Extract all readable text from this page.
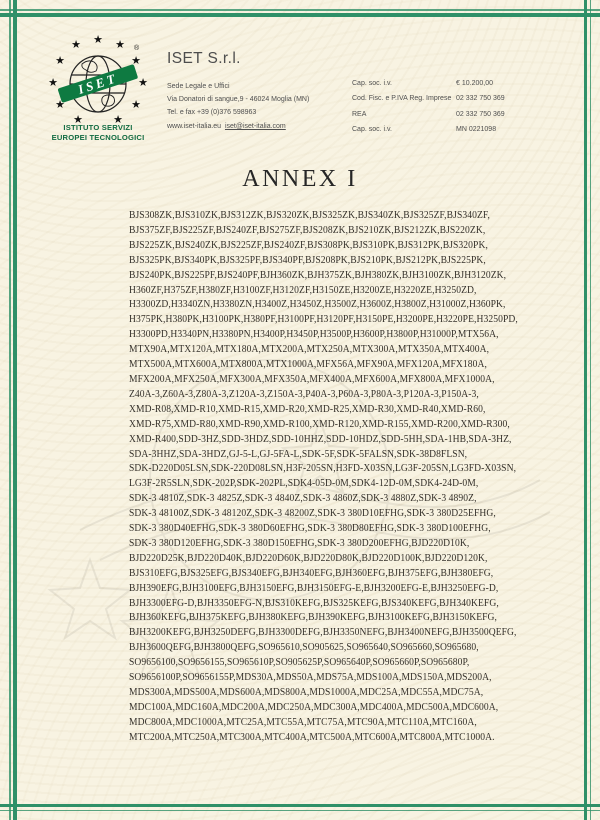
ISET
★
★	★
★	★
★	★
★	★
★	★
®
ISTITUTO SERVIZI
EUROPEI TECNOLOGICI
ISET S.r.l.
Sede Legale e Uffici
Via Donatori di sangue,9 - 46024 Moglia (MN)
Tel. e fax +39 (0)376 598963
www.iset-italia.eu iset@iset-italia.com
Cap. soc. i.v.	€ 10.200,00
Cod. Fisc. e P.IVA Reg. Imprese 02 332 750 369
REA	02 332 750 369
Cap. soc. i.v.	MN 0221098
ANNEX I
BJS308ZK,BJS310ZK,BJS312ZK,BJS320ZK,BJS325ZK,BJS340ZK,BJS325ZF,BJS340ZF,
BJS375ZF,BJS225ZF,BJS240ZF,BJS275ZF,BJS208ZK,BJS210ZK,BJS212ZK,BJS220ZK,
BJS225ZK,BJS240ZK,BJS225ZF,BJS240ZF,BJS308PK,BJS310PK,BJS312PK,BJS320PK,
BJS325PK,BJS340PK,BJS325PF,BJS340PF,BJS208PK,BJS210PK,BJS212PK,BJS225PK,
BJS240PK,BJS225PF,BJS240PF,BJH360ZK,BJH375ZK,BJH380ZK,BJH3100ZK,BJH3120ZK,
H360ZF,H375ZF,H380ZF,H3100ZF,H3120ZF,H3150ZE,H3200ZE,H3220ZE,H3250ZD,
H3300ZD,H3340ZN,H3380ZN,H3400Z,H3450Z,H3500Z,H3600Z,H3800Z,H31000Z,H360PK,
H375PK,H380PK,H3100PK,H380PF,H3100PF,H3120PF,H3150PE,H3200PE,H3220PE,H3250PD,
H3300PD,H3340PN,H3380PN,H3400P,H3450P,H3500P,H3600P,H3800P,H31000P,MTX56A,
MTX90A,MTX120A,MTX180A,MTX200A,MTX250A,MTX300A,MTX350A,MTX400A,
MTX500A,MTX600A,MTX800A,MTX1000A,MFX56A,MFX90A,MFX120A,MFX180A,
MFX200A,MFX250A,MFX300A,MFX350A,MFX400A,MFX600A,MFX800A,MFX1000A,
Z40A-3,Z60A-3,Z80A-3,Z120A-3,Z150A-3,P40A-3,P60A-3,P80A-3,P120A-3,P150A-3,
XMD-R08,XMD-R10,XMD-R15,XMD-R20,XMD-R25,XMD-R30,XMD-R40,XMD-R60,
XMD-R75,XMD-R80,XMD-R90,XMD-R100,XMD-R120,XMD-R155,XMD-R200,XMD-R300,
XMD-R400,SDD-3HZ,SDD-3HDZ,SDD-10HHZ,SDD-10HDZ,SDD-5HH,SDA-1HB,SDA-3HZ,
SDA-3HHZ,SDA-3HDZ,GJ-5-L,GJ-5FA-L,SDK-5F,SDK-5FALSN,SDK-38D8FLSN,
SDK-D220D05LSN,SDK-220D08LSN,H3F-205SN,H3FD-X03SN,LG3F-205SN,LG3FD-X03SN,
LG3F-2R5SLN,SDK-202P,SDK-202PL,SDK4-05D-0M,SDK4-12D-0M,SDK4-24D-0M,
SDK-3 4810Z,SDK-3 4825Z,SDK-3 4840Z,SDK-3 4860Z,SDK-3 4880Z,SDK-3 4890Z,
SDK-3 48100Z,SDK-3 48120Z,SDK-3 48200Z,SDK-3 380D10EFHG,SDK-3 380D25EFHG,
SDK-3 380D40EFHG,SDK-3 380D60EFHG,SDK-3 380D80EFHG,SDK-3 380D100EFHG,
SDK-3 380D120EFHG,SDK-3 380D150EFHG,SDK-3 380D200EFHG,BJD220D10K,
BJD220D25K,BJD220D40K,BJD220D60K,BJD220D80K,BJD220D100K,BJD220D120K,
BJS310EFG,BJS325EFG,BJS340EFG,BJH340EFG,BJH360EFG,BJH375EFG,BJH380EFG,
BJH390EFG,BJH3100EFG,BJH3150EFG,BJH3150EFG-E,BJH3200EFG-E,BJH3250EFG-D,
BJH3300EFG-D,BJH3350EFG-N,BJS310KEFG,BJS325KEFG,BJS340KEFG,BJH340KEFG,
BJH360KEFG,BJH375KEFG,BJH380KEFG,BJH390KEFG,BJH3100KEFG,BJH3150KEFG,
BJH3200KEFG,BJH3250DEFG,BJH3300DEFG,BJH3350NEFG,BJH3400NEFG,BJH3500QEFG,
BJH3600QEFG,BJH3800QEFG,SO965610,SO905625,SO965640,SO965660,SO965680,
SO9656100,SO9656155,SO965610P,SO905625P,SO965640P,SO965660P,SO965680P,
SO9656100P,SO9656155P,MDS30A,MDS50A,MDS75A,MDS100A,MDS150A,MDS200A,
MDS300A,MDS500A,MDS600A,MDS800A,MDS1000A,MDC25A,MDC55A,MDC75A,
MDC100A,MDC160A,MDC200A,MDC250A,MDC300A,MDC400A,MDC500A,MDC600A,
MDC800A,MDC1000A,MTC25A,MTC55A,MTC75A,MTC90A,MTC110A,MTC160A,
MTC200A,MTC250A,MTC300A,MTC400A,MTC500A,MTC600A,MTC800A,MTC1000A.
